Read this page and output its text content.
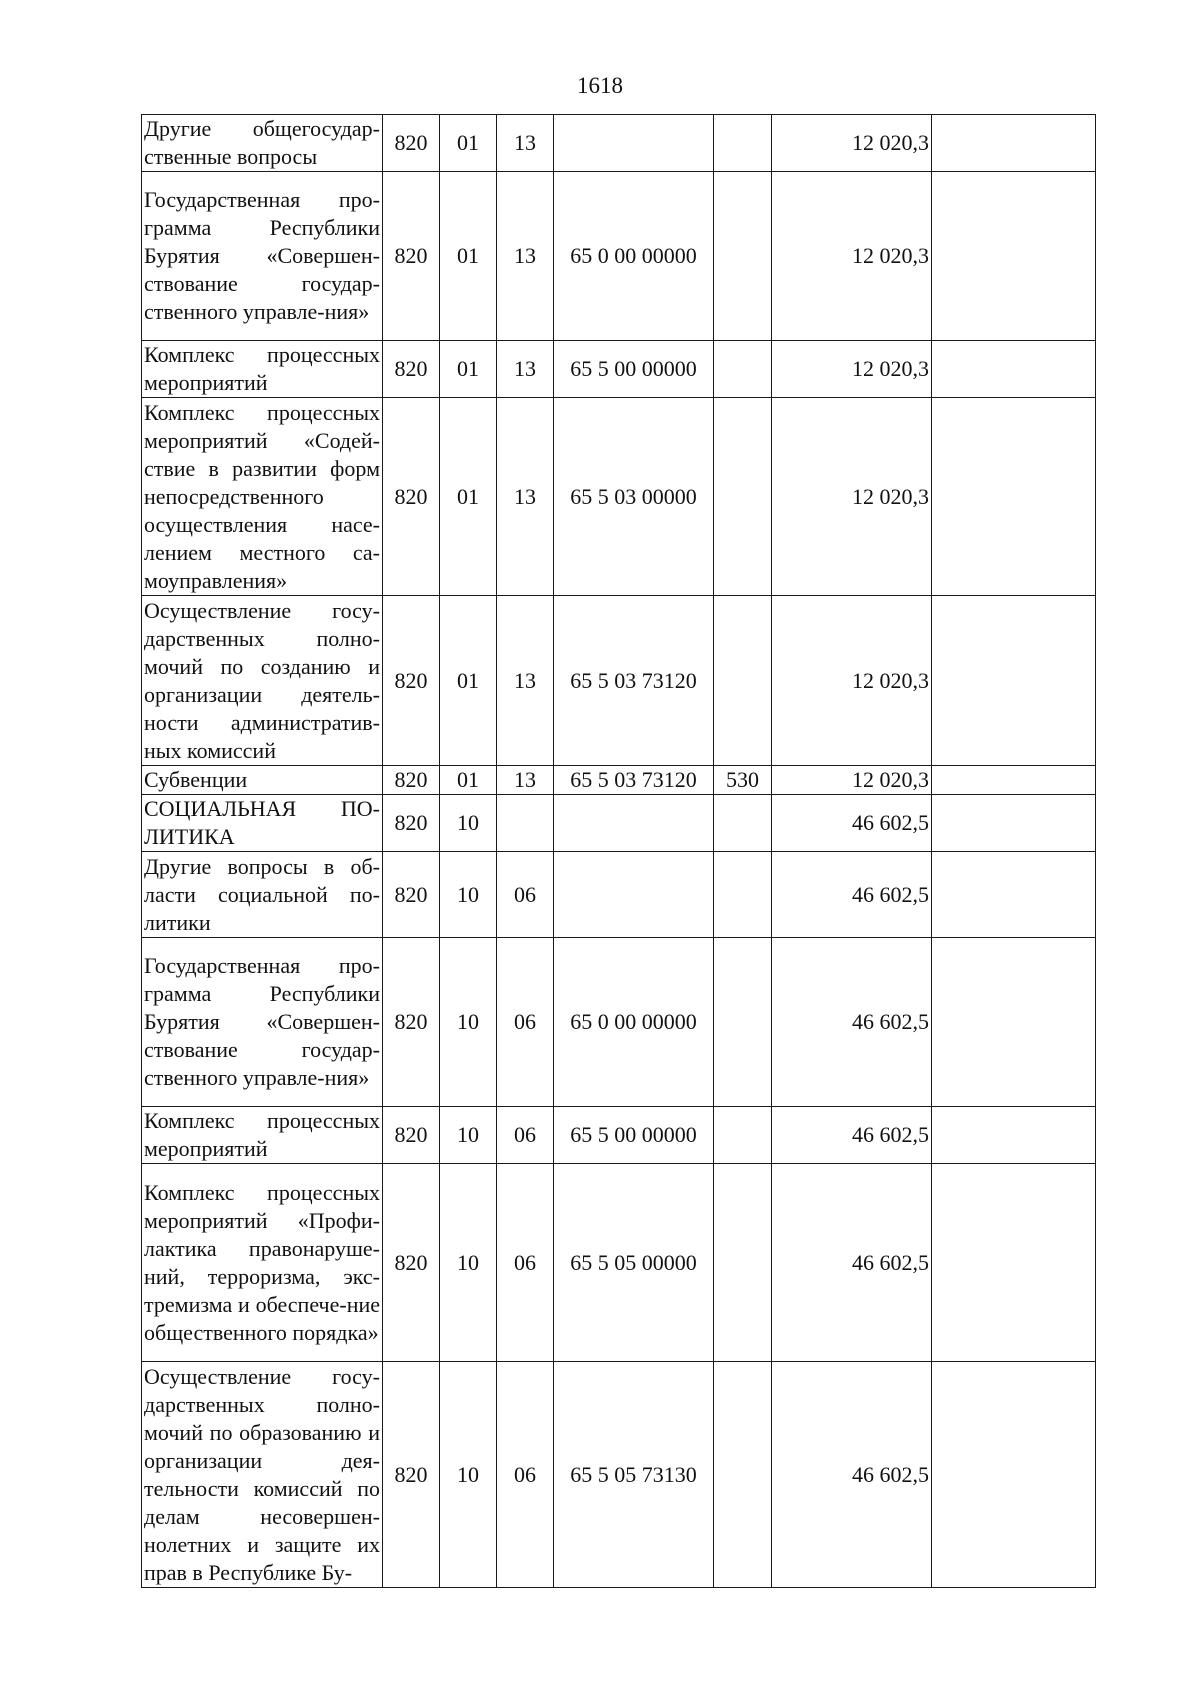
1618
Другие общегосудар-ственные вопросы	820	01	13			12 020,3	
Государственная про-грамма Республики Бурятия «Совершен-ствование государ-ственного управле-ния»	820	01	13	65 0 00 00000		12 020,3	
Комплекс процессных мероприятий	820	01	13	65 5 00 00000		12 020,3	
Комплекс процессных мероприятий «Содей-ствие в развитии форм непосредственного осуществления насе-лением местного са-моуправления»	820	01	13	65 5 03 00000		12 020,3	
Осуществление госу-дарственных полно-мочий по созданию и организации деятель-ности административ-ных комиссий	820	01	13	65 5 03 73120		12 020,3	
Субвенции	820	01	13	65 5 03 73120	530	12 020,3	
СОЦИАЛЬНАЯ ПО-ЛИТИКА	820	10				46 602,5	
Другие вопросы в об-ласти социальной по-литики	820	10	06			46 602,5	
Государственная про-грамма Республики Бурятия «Совершен-ствование государ-ственного управле-ния»	820	10	06	65 0 00 00000		46 602,5	
Комплекс процессных мероприятий	820	10	06	65 5 00 00000		46 602,5	
Комплекс процессных мероприятий «Профи-лактика правонаруше-ний, терроризма, экс-тремизма и обеспече-ние общественного порядка»	820	10	06	65 5 05 00000		46 602,5	
Осуществление госу-дарственных полно-мочий по образованию и организации дея-тельности комиссий по делам несовершен-нолетних и защите их прав в Республике Бу-	820	10	06	65 5 05 73130		46 602,5	
